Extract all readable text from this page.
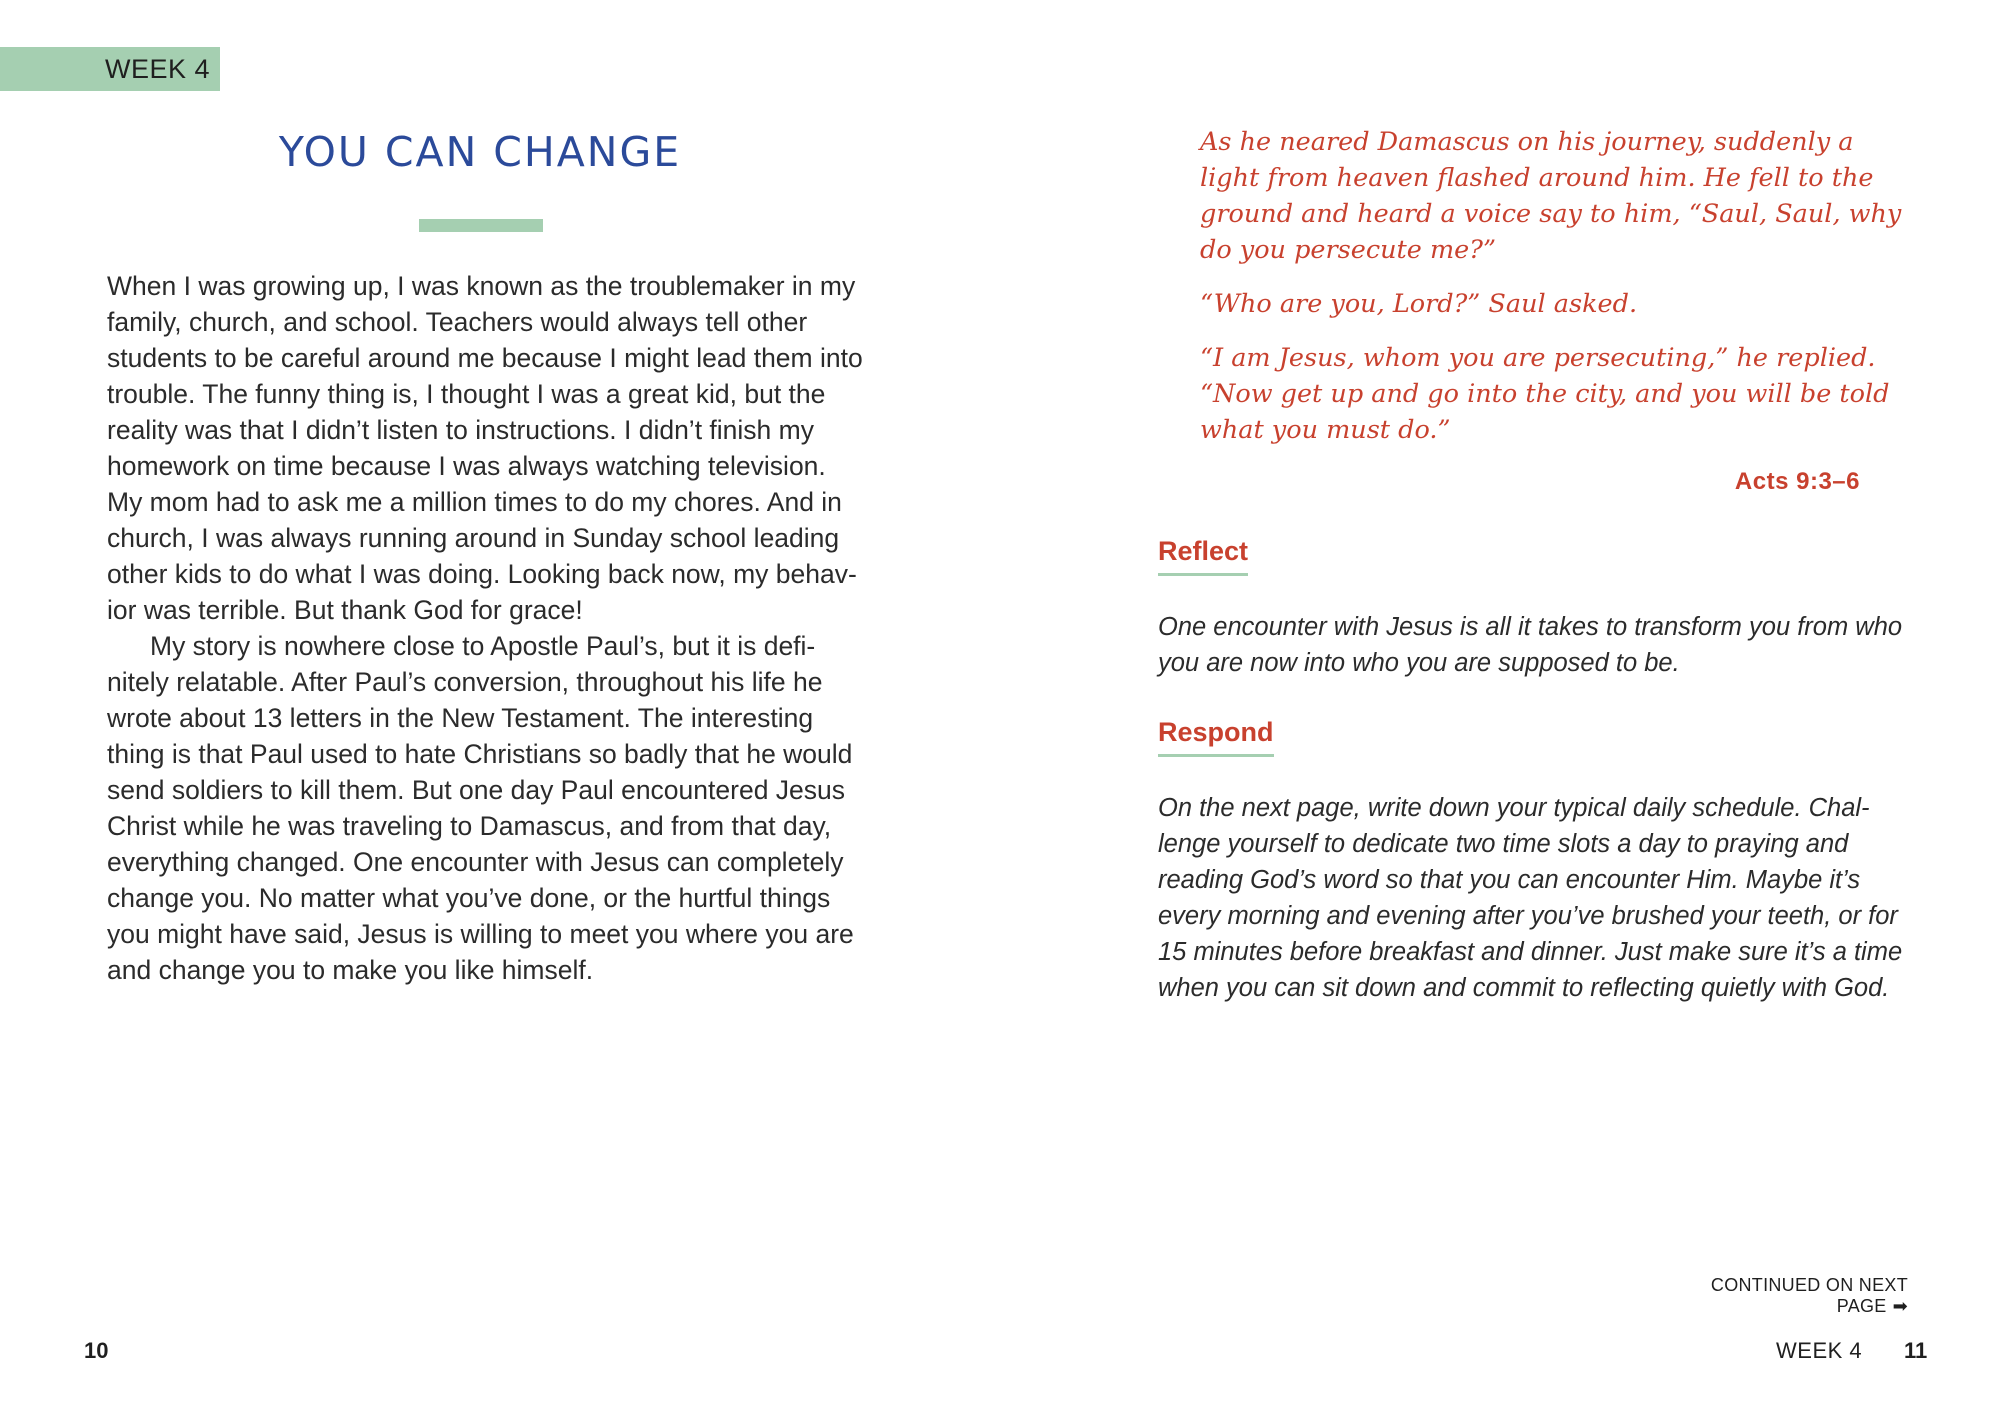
WEEK 4
YOU CAN CHANGE

When I was growing up, I was known as the troublemaker in my family, church, and school. Teachers would always tell other students to be careful around me because I might lead them into trouble. The funny thing is, I thought I was a great kid, but the reality was that I didn’t listen to instructions. I didn’t finish my homework on time because I was always watching television. My mom had to ask me a million times to do my chores. And in church, I was always running around in Sunday school leading other kids to do what I was doing. Looking back now, my behav-ior was terrible. But thank God for grace!

My story is nowhere close to Apostle Paul’s, but it is defi-nitely relatable. After Paul’s conversion, throughout his life he wrote about 13 letters in the New Testament. The interesting thing is that Paul used to hate Christians so badly that he would send soldiers to kill them. But one day Paul encountered Jesus Christ while he was traveling to Damascus, and from that day, everything changed. One encounter with Jesus can completely change you. No matter what you’ve done, or the hurtful things you might have said, Jesus is willing to meet you where you are and change you to make you like himself.

10

As he neared Damascus on his journey, suddenly a light from heaven flashed around him. He fell to the ground and heard a voice say to him, “Saul, Saul, why do you persecute me?”

“Who are you, Lord?” Saul asked.

“I am Jesus, whom you are persecuting,” he replied. “Now get up and go into the city, and you will be told what you must do.”

Acts 9:3–6
Reflect

One encounter with Jesus is all it takes to transform you from who you are now into who you are supposed to be.

Respond

On the next page, write down your typical daily schedule. Chal-lenge yourself to dedicate two time slots a day to praying and reading God’s word so that you can encounter Him. Maybe it’s every morning and evening after you’ve brushed your teeth, or for 15 minutes before breakfast and dinner. Just make sure it’s a time when you can sit down and commit to reflecting quietly with God.

CONTINUED ON NEXT PAGE ➡
WEEK 4 11
